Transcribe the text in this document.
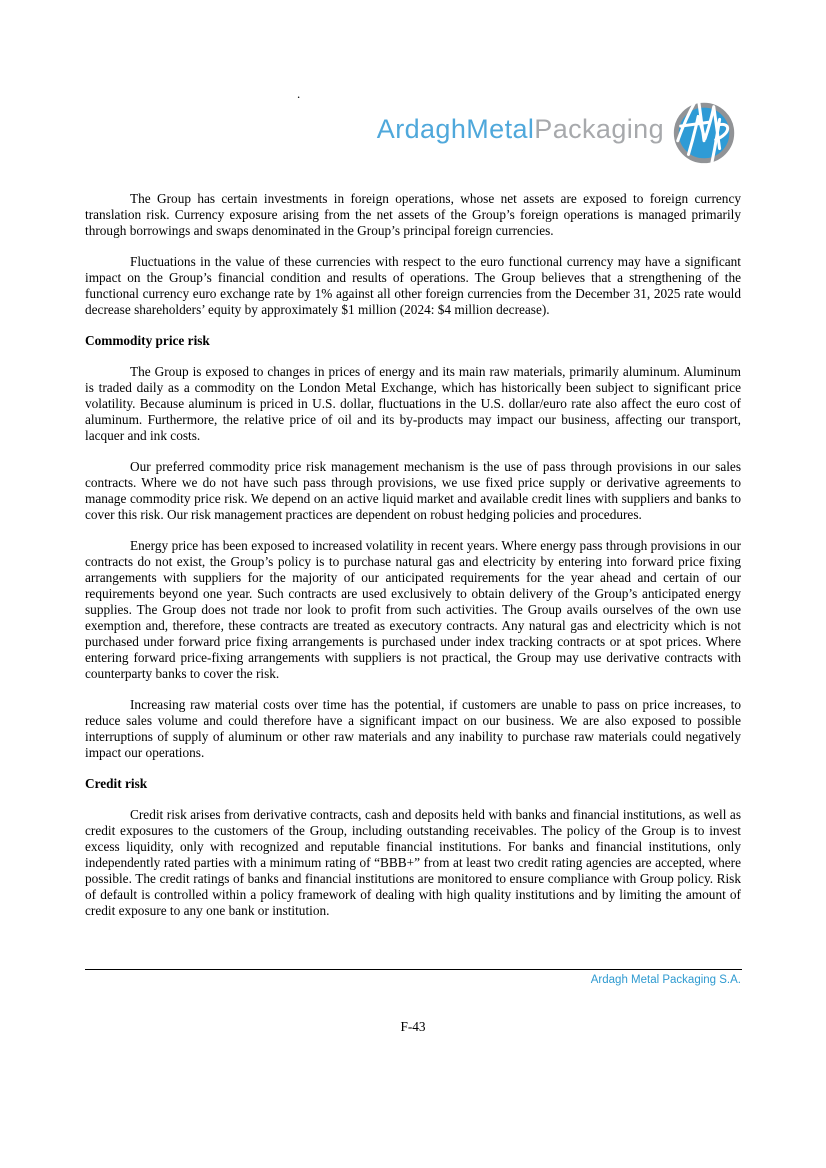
.
ArdaghMetalPackaging

The Group has certain investments in foreign operations, whose net assets are exposed to foreign currency translation risk. Currency exposure arising from the net assets of the Group’s foreign operations is managed primarily through borrowings and swaps denominated in the Group’s principal foreign currencies.

Fluctuations in the value of these currencies with respect to the euro functional currency may have a significant impact on the Group’s financial condition and results of operations. The Group believes that a strengthening of the functional currency euro exchange rate by 1% against all other foreign currencies from the December 31, 2025 rate would decrease shareholders’ equity by approximately $1 million (2024: $4 million decrease).

Commodity price risk

The Group is exposed to changes in prices of energy and its main raw materials, primarily aluminum. Aluminum is traded daily as a commodity on the London Metal Exchange, which has historically been subject to significant price volatility. Because aluminum is priced in U.S. dollar, fluctuations in the U.S. dollar/euro rate also affect the euro cost of aluminum. Furthermore, the relative price of oil and its by-products may impact our business, affecting our transport, lacquer and ink costs.

Our preferred commodity price risk management mechanism is the use of pass through provisions in our sales contracts. Where we do not have such pass through provisions, we use fixed price supply or derivative agreements to manage commodity price risk. We depend on an active liquid market and available credit lines with suppliers and banks to cover this risk. Our risk management practices are dependent on robust hedging policies and procedures.

Energy price has been exposed to increased volatility in recent years. Where energy pass through provisions in our contracts do not exist, the Group’s policy is to purchase natural gas and electricity by entering into forward price fixing arrangements with suppliers for the majority of our anticipated requirements for the year ahead and certain of our requirements beyond one year. Such contracts are used exclusively to obtain delivery of the Group’s anticipated energy supplies. The Group does not trade nor look to profit from such activities. The Group avails ourselves of the own use exemption and, therefore, these contracts are treated as executory contracts. Any natural gas and electricity which is not purchased under forward price fixing arrangements is purchased under index tracking contracts or at spot prices. Where entering forward price-fixing arrangements with suppliers is not practical, the Group may use derivative contracts with counterparty banks to cover the risk.

Increasing raw material costs over time has the potential, if customers are unable to pass on price increases, to reduce sales volume and could therefore have a significant impact on our business. We are also exposed to possible interruptions of supply of aluminum or other raw materials and any inability to purchase raw materials could negatively impact our operations.

Credit risk

Credit risk arises from derivative contracts, cash and deposits held with banks and financial institutions, as well as credit exposures to the customers of the Group, including outstanding receivables. The policy of the Group is to invest excess liquidity, only with recognized and reputable financial institutions. For banks and financial institutions, only independently rated parties with a minimum rating of “BBB+” from at least two credit rating agencies are accepted, where possible. The credit ratings of banks and financial institutions are monitored to ensure compliance with Group policy. Risk of default is controlled within a policy framework of dealing with high quality institutions and by limiting the amount of credit exposure to any one bank or institution.

Ardagh Metal Packaging S.A.
F-43
